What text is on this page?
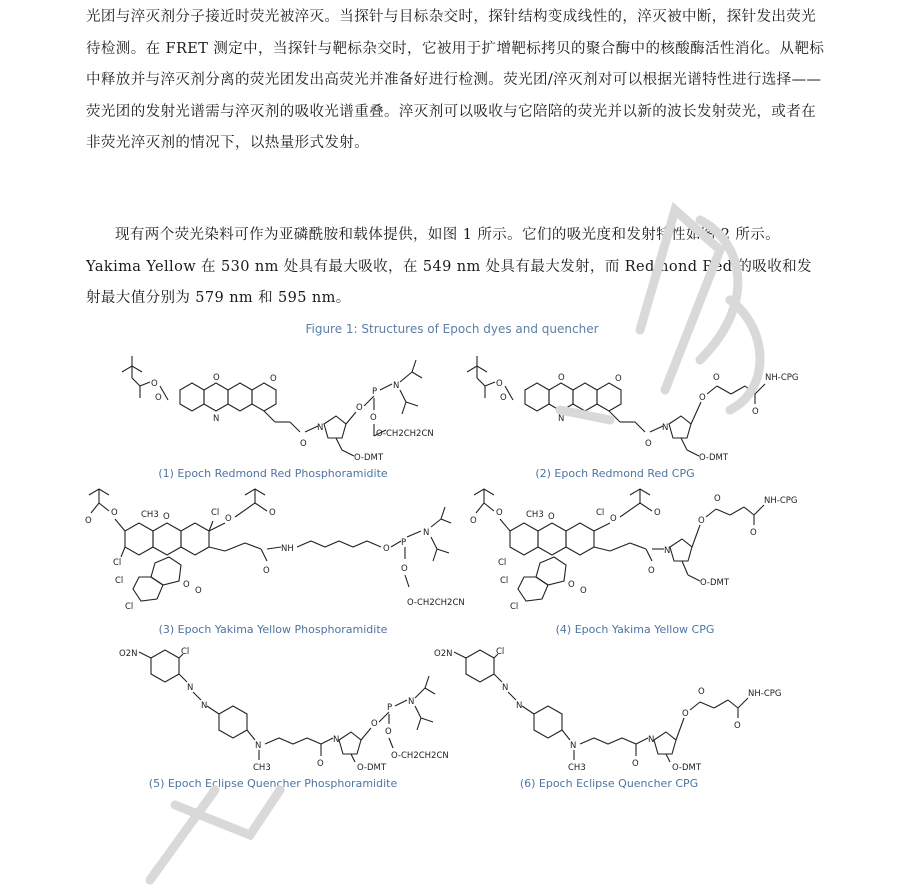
光团与淬灭剂分子接近时荧光被淬灭。当探针与目标杂交时，探针结构变成线性的，淬灭被中断，探针发出荧光待检测。在 FRET 测定中，当探针与靶标杂交时，它被用于扩增靶标拷贝的聚合酶中的核酸酶活性消化。从靶标中释放并与淬灭剂分离的荧光团发出高荧光并准备好进行检测。荧光团/淬灭剂对可以根据光谱特性进行选择——荧光团的发射光谱需与淬灭剂的吸收光谱重叠。淬灭剂可以吸收与它陪陪的荧光并以新的波长发射荧光，或者在非荧光淬灭剂的情况下，以热量形式发射。

现有两个荧光染料可作为亚磷酰胺和载体提供，如图 1 所示。它们的吸光度和发射特性如图 2 所示。Yakima Yellow 在 530 nm 处具有最大吸收，在 549 nm 处具有最大发射，而 Redmond Red 的吸收和发射最大值分别为 579 nm 和 595 nm。

Figure 1: Structures of Epoch dyes and quencher
O
O
O
N
O
O
N
O
P
N
O
O-CH2CH2CN
O-DMT
(1) Epoch Redmond Red Phosphoramidite
O
O
O
N
O
O
N
O
O
O
NH-CPG
O-DMT
(2) Epoch Redmond Red CPG
O
O	O
CH3
Cl
Cl
O
O
Cl
Cl
O
O
O
NH	O
P
N
O
O-CH2CH2CN
(3) Epoch Yakima Yellow Phosphoramidite
O
O	O
CH3
Cl
Cl
O
O
Cl
Cl
O
O
O
N
O
O
O
NH-CPG
O-DMT
(4) Epoch Yakima Yellow CPG
O2N	Cl
N
N
N
CH3	O
N
O
P
N
O
O-CH2CH2CN
O-DMT
(5) Epoch Eclipse Quencher Phosphoramidite
O2N	Cl
N
N
N
CH3	O
N
O
O
O
NH-CPG
O-DMT
(6) Epoch Eclipse Quencher CPG
